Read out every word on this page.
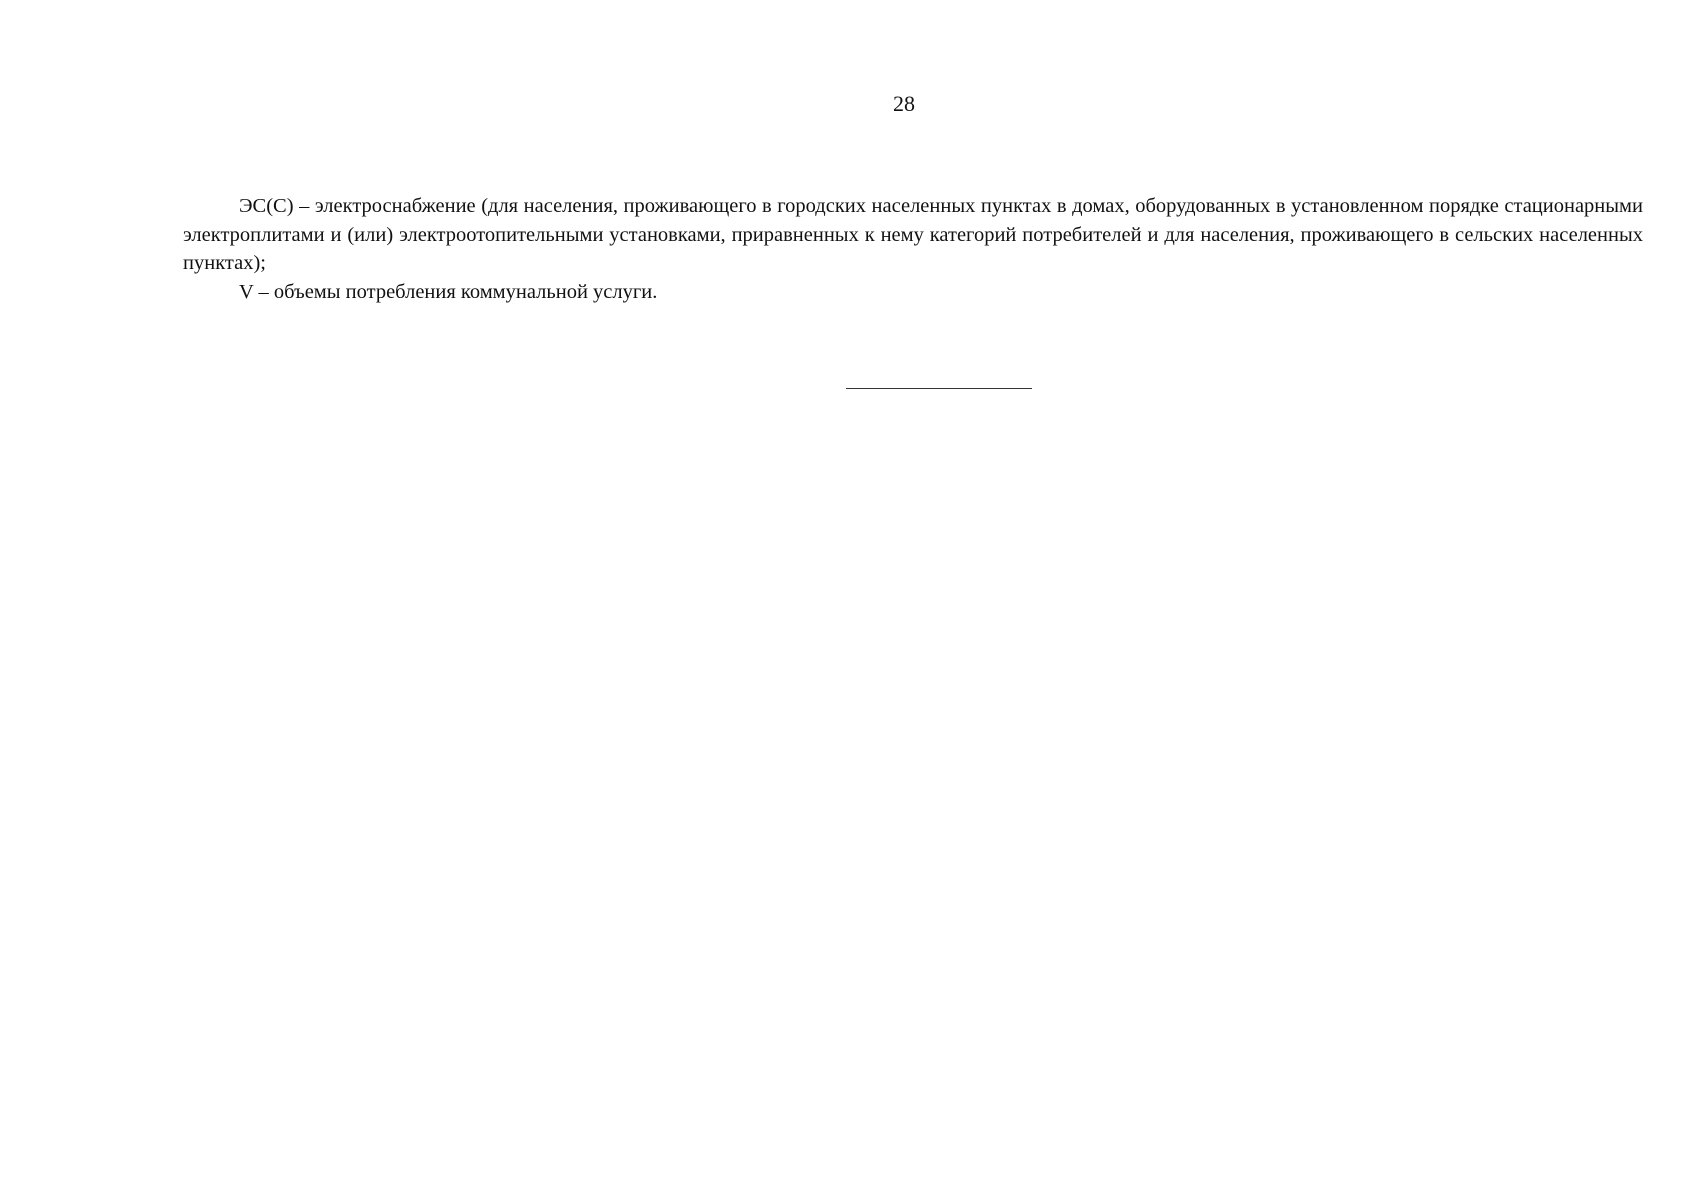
28

ЭС(С) – электроснабжение (для населения, проживающего в городских населенных пунктах в домах, оборудованных в установленном порядке стационарными электроплитами и (или) электроотопительными установками, приравненных к нему категорий потребителей и для населения, проживающего в сельских населенных пунктах);

V – объемы потребления коммунальной услуги.
